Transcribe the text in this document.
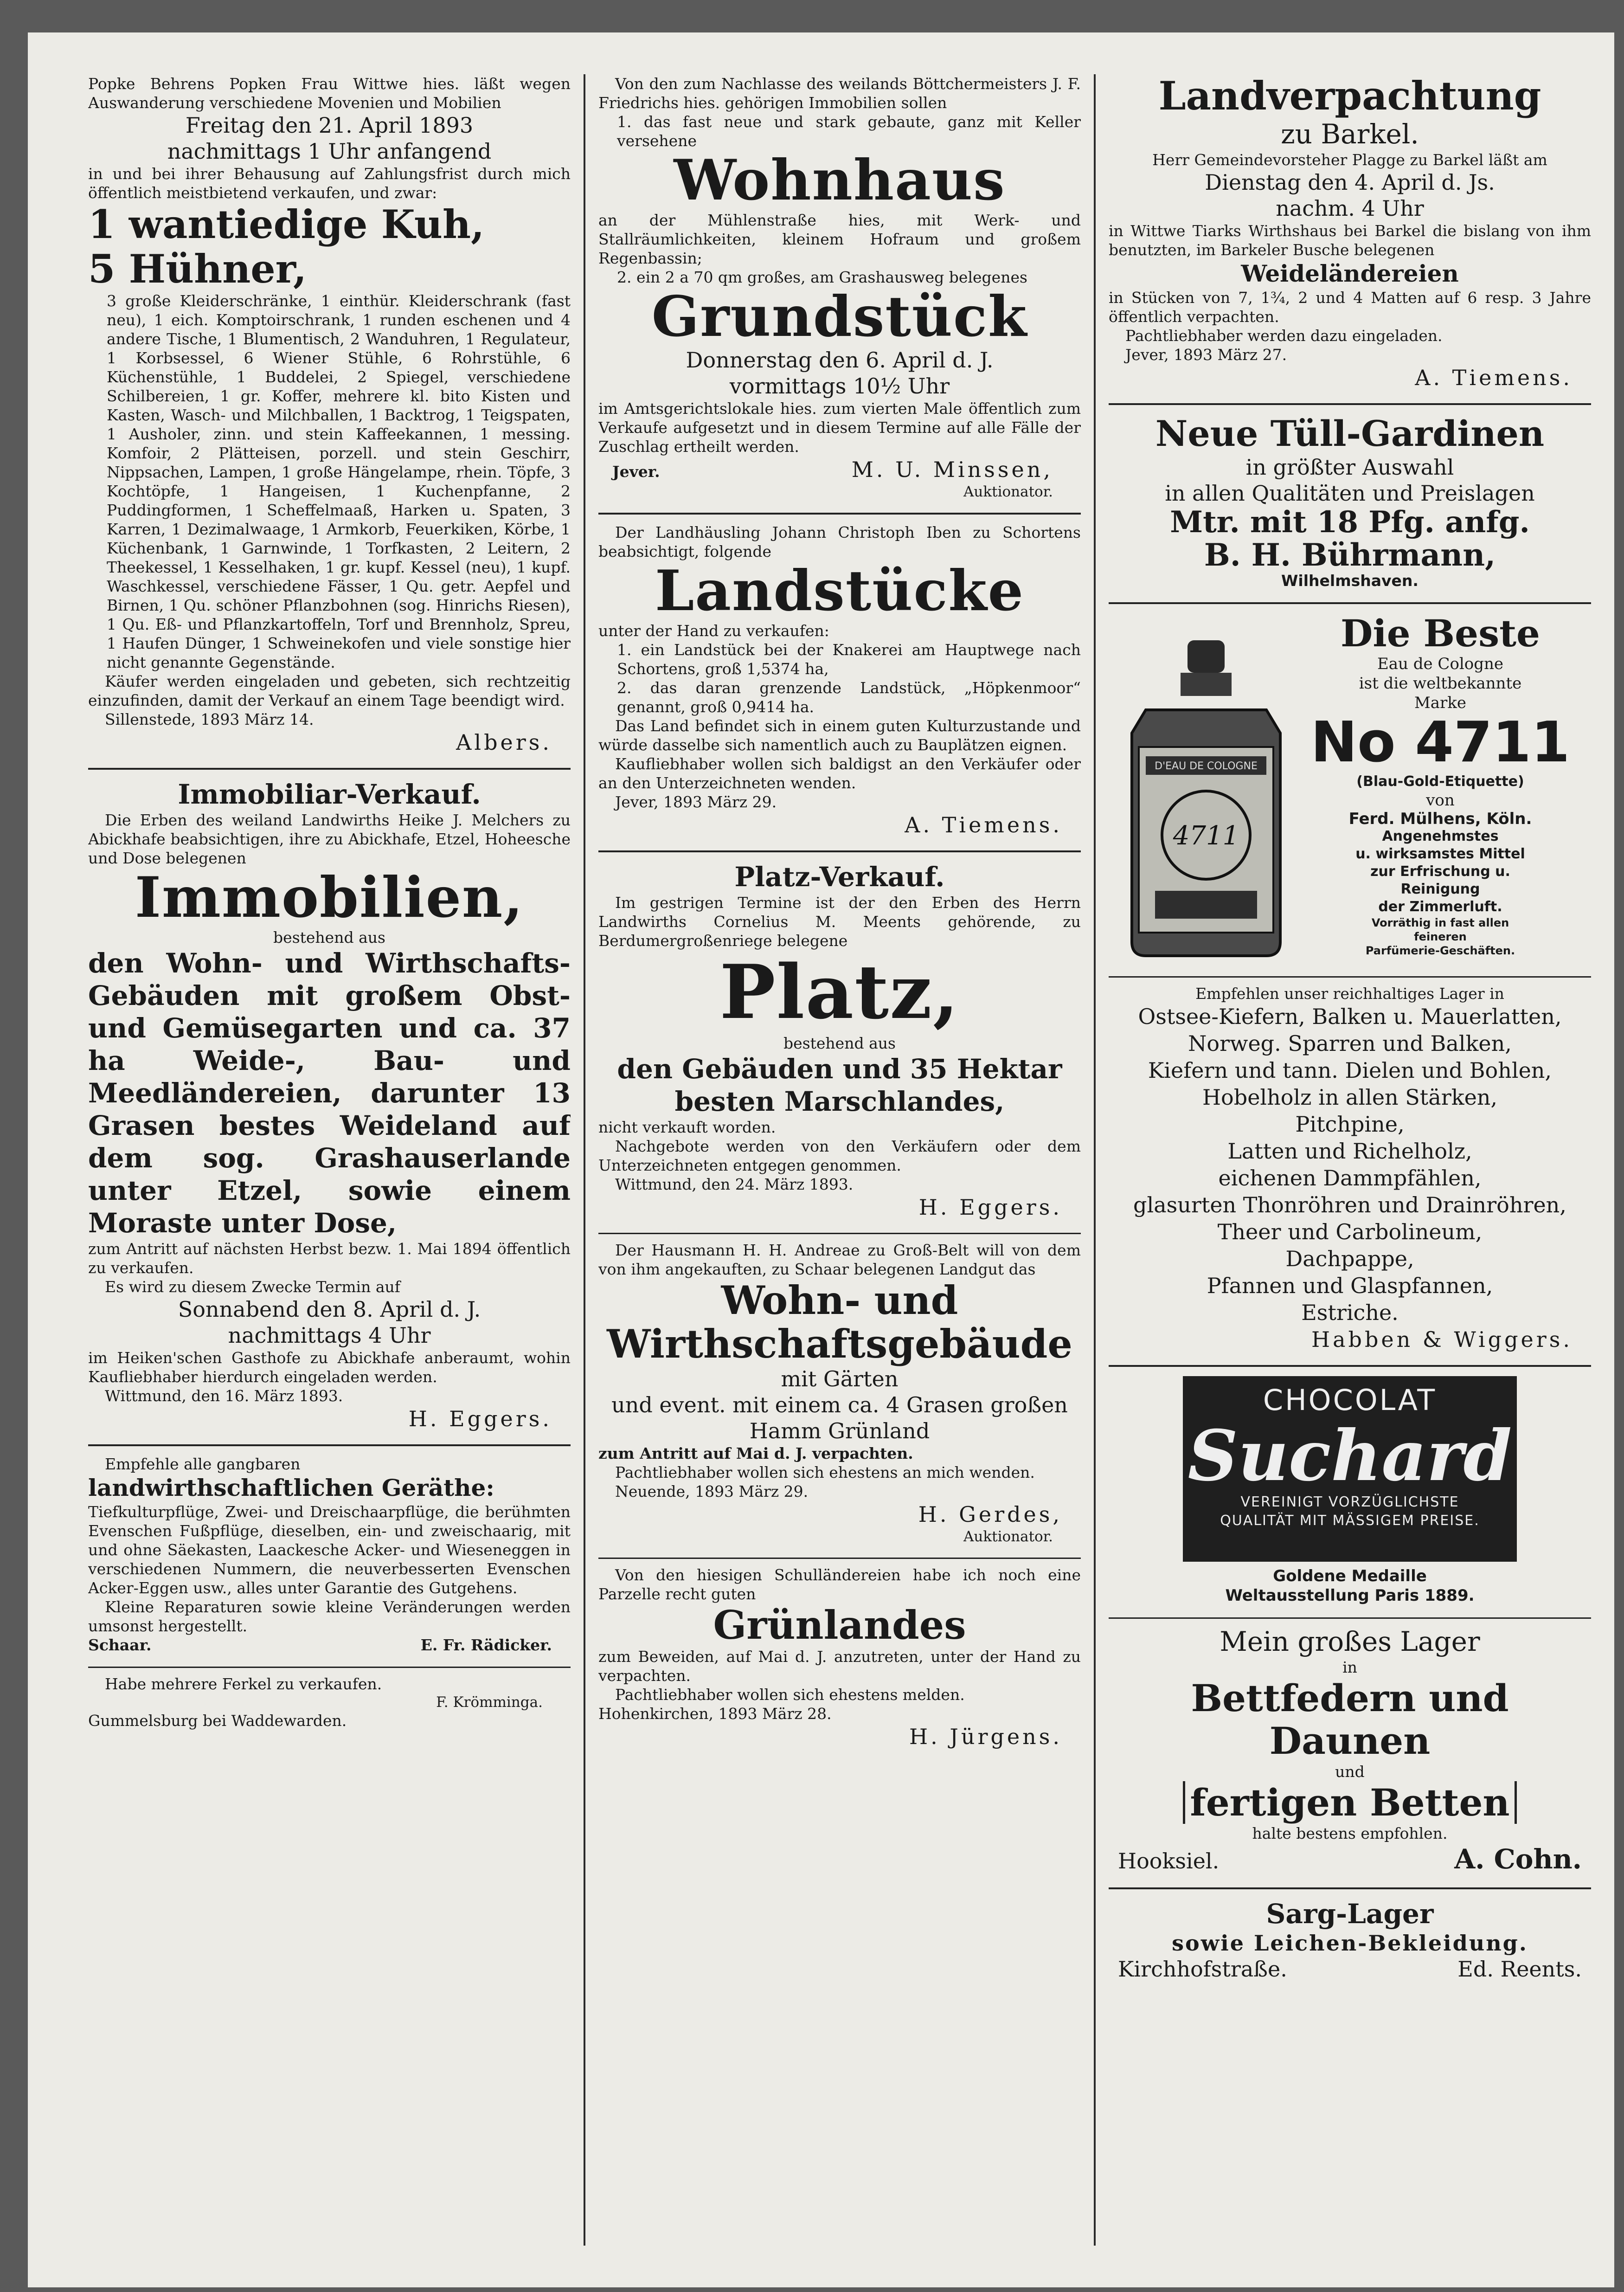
Popke Behrens Popken Frau Wittwe hies. läßt wegen Auswanderung verschiedene Movenien und Mobilien

Freitag den 21. April 1893

nachmittags 1 Uhr anfangend

in und bei ihrer Behausung auf Zahlungsfrist durch mich öffentlich meistbietend verkaufen, und zwar:

1 wantiedige Kuh,

5 Hühner,

3 große Kleiderschränke, 1 einthür. Kleiderschrank (fast neu), 1 eich. Komptoirschrank, 1 runden eschenen und 4 andere Tische, 1 Blumentisch, 2 Wanduhren, 1 Regulateur, 1 Korbsessel, 6 Wiener Stühle, 6 Rohrstühle, 6 Küchenstühle, 1 Buddelei, 2 Spiegel, verschiedene Schilbereien, 1 gr. Koffer, mehrere kl. bito Kisten und Kasten, Wasch- und Milchballen, 1 Backtrog, 1 Teigspaten, 1 Ausholer, zinn. und stein Kaffeekannen, 1 messing. Komfoir, 2 Plätteisen, porzell. und stein Geschirr, Nippsachen, Lampen, 1 große Hängelampe, rhein. Töpfe, 3 Kochtöpfe, 1 Hangeisen, 1 Kuchenpfanne, 2 Puddingformen, 1 Scheffelmaaß, Harken u. Spaten, 3 Karren, 1 Dezimalwaage, 1 Armkorb, Feuerkiken, Körbe, 1 Küchenbank, 1 Garnwinde, 1 Torfkasten, 2 Leitern, 2 Theekessel, 1 Kesselhaken, 1 gr. kupf. Kessel (neu), 1 kupf. Waschkessel, verschiedene Fässer, 1 Qu. getr. Aepfel und Birnen, 1 Qu. schöner Pflanzbohnen (sog. Hinrichs Riesen), 1 Qu. Eß- und Pflanzkartoffeln, Torf und Brennholz, Spreu, 1 Haufen Dünger, 1 Schweinekofen und viele sonstige hier nicht genannte Gegenstände.

Käufer werden eingeladen und gebeten, sich rechtzeitig einzufinden, damit der Verkauf an einem Tage beendigt wird.

Sillenstede, 1893 März 14.

Albers.

Immobiliar-Verkauf.

Die Erben des weiland Landwirths Heike J. Melchers zu Abickhafe beabsichtigen, ihre zu Abickhafe, Etzel, Hoheesche und Dose belegenen

Immobilien,

bestehend aus

den Wohn- und Wirthschafts-Gebäuden mit großem Obst- und Gemüsegarten und ca. 37 ha Weide-, Bau- und Meedländereien, darunter 13 Grasen bestes Weideland auf dem sog. Grashauserlande unter Etzel, sowie einem Moraste unter Dose,

zum Antritt auf nächsten Herbst bezw. 1. Mai 1894 öffentlich zu verkaufen.

Es wird zu diesem Zwecke Termin auf

Sonnabend den 8. April d. J.

nachmittags 4 Uhr

im Heiken'schen Gasthofe zu Abickhafe anberaumt, wohin Kaufliebhaber hierdurch eingeladen werden.

Wittmund, den 16. März 1893.

H. Eggers.

Empfehle alle gangbaren

landwirthschaftlichen Geräthe:

Tiefkulturpflüge, Zwei- und Dreischaarpflüge, die berühmten Evenschen Fußpflüge, dieselben, ein- und zweischaarig, mit und ohne Säekasten, Laackesche Acker- und Wieseneggen in verschiedenen Nummern, die neuverbesserten Evenschen Acker-Eggen usw., alles unter Garantie des Gutgehens.

Kleine Reparaturen sowie kleine Veränderungen werden umsonst hergestellt.

Schaar.	E. Fr. Rädicker.

Habe mehrere Ferkel zu verkaufen.

F. Krömminga.

Gummelsburg bei Waddewarden.

Von den zum Nachlasse des weilands Böttchermeisters J. F. Friedrichs hies. gehörigen Immobilien sollen

1. das fast neue und stark gebaute, ganz mit Keller versehene

Wohnhaus

an der Mühlenstraße hies, mit Werk- und Stallräumlichkeiten, kleinem Hofraum und großem Regenbassin;

2. ein 2 a 70 qm großes, am Grashausweg belegenes

Grundstück

Donnerstag den 6. April d. J.

vormittags 10½ Uhr

im Amtsgerichtslokale hies. zum vierten Male öffentlich zum Verkaufe aufgesetzt und in diesem Termine auf alle Fälle der Zuschlag ertheilt werden.

Jever.	M. U. Minssen,

Auktionator.

Der Landhäusling Johann Christoph Iben zu Schortens beabsichtigt, folgende

Landstücke

unter der Hand zu verkaufen:

1. ein Landstück bei der Knakerei am Hauptwege nach Schortens, groß 1,5374 ha,

2. das daran grenzende Landstück, „Höpkenmoor“ genannt, groß 0,9414 ha.

Das Land befindet sich in einem guten Kulturzustande und würde dasselbe sich namentlich auch zu Bauplätzen eignen.

Kaufliebhaber wollen sich baldigst an den Verkäufer oder an den Unterzeichneten wenden.

Jever, 1893 März 29.

A. Tiemens.

Platz-Verkauf.

Im gestrigen Termine ist der den Erben des Herrn Landwirths Cornelius M. Meents gehörende, zu Berdumergroßenriege belegene

Platz,

bestehend aus

den Gebäuden und 35 Hektar besten Marschlandes,

nicht verkauft worden.

Nachgebote werden von den Verkäufern oder dem Unterzeichneten entgegen genommen.

Wittmund, den 24. März 1893.

H. Eggers.

Der Hausmann H. H. Andreae zu Groß-Belt will von dem von ihm angekauften, zu Schaar belegenen Landgut das

Wohn- und

Wirthschaftsgebäude

mit Gärten

und event. mit einem ca. 4 Grasen großen Hamm Grünland

zum Antritt auf Mai d. J. verpachten.

Pachtliebhaber wollen sich ehestens an mich wenden.

Neuende, 1893 März 29.

H. Gerdes,

Auktionator.

Von den hiesigen Schulländereien habe ich noch eine Parzelle recht guten

Grünlandes

zum Beweiden, auf Mai d. J. anzutreten, unter der Hand zu verpachten.

Pachtliebhaber wollen sich ehestens melden.

Hohenkirchen, 1893 März 28.

H. Jürgens.

Landverpachtung

zu Barkel.

Herr Gemeindevorsteher Plagge zu Barkel läßt am

Dienstag den 4. April d. Js.

nachm. 4 Uhr

in Wittwe Tiarks Wirthshaus bei Barkel die bislang von ihm benutzten, im Barkeler Busche belegenen

Weideländereien

in Stücken von 7, 1¾, 2 und 4 Matten auf 6 resp. 3 Jahre öffentlich verpachten.

Pachtliebhaber werden dazu eingeladen.

Jever, 1893 März 27.

A. Tiemens.

Neue Tüll-Gardinen

in größter Auswahl

in allen Qualitäten und Preislagen

Mtr. mit 18 Pfg. anfg.

B. H. Bührmann,

Wilhelmshaven.

D'EAU DE COLOGNE
4711

Die Beste

Eau de Cologne

ist die weltbekannte

Marke

No 4711

(Blau-Gold-Etiquette)

von

Ferd. Mülhens, Köln.

Angenehmstes

u. wirksamstes Mittel

zur Erfrischung u.

Reinigung

der Zimmerluft.

Vorräthig in fast allen

feineren

Parfümerie-Geschäften.

Empfehlen unser reichhaltiges Lager in

Ostsee-Kiefern, Balken u. Mauerlatten,

Norweg. Sparren und Balken,

Kiefern und tann. Dielen und Bohlen,

Hobelholz in allen Stärken,

Pitchpine,

Latten und Richelholz,

eichenen Dammpfählen,

glasurten Thonröhren und Drainröhren,

Theer und Carbolineum,

Dachpappe,

Pfannen und Glaspfannen,

Estriche.

Habben & Wiggers.

CHOCOLAT

Suchard

VEREINIGT VORZÜGLICHSTE

QUALITÄT MIT MÄSSIGEM PREISE.

Goldene Medaille

Weltausstellung Paris 1889.

Mein großes Lager

in

Bettfedern und Daunen

und

fertigen Betten

halte bestens empfohlen.

Hooksiel.	A. Cohn.

Sarg-Lager

sowie Leichen-Bekleidung.

Kirchhofstraße.	Ed. Reents.
